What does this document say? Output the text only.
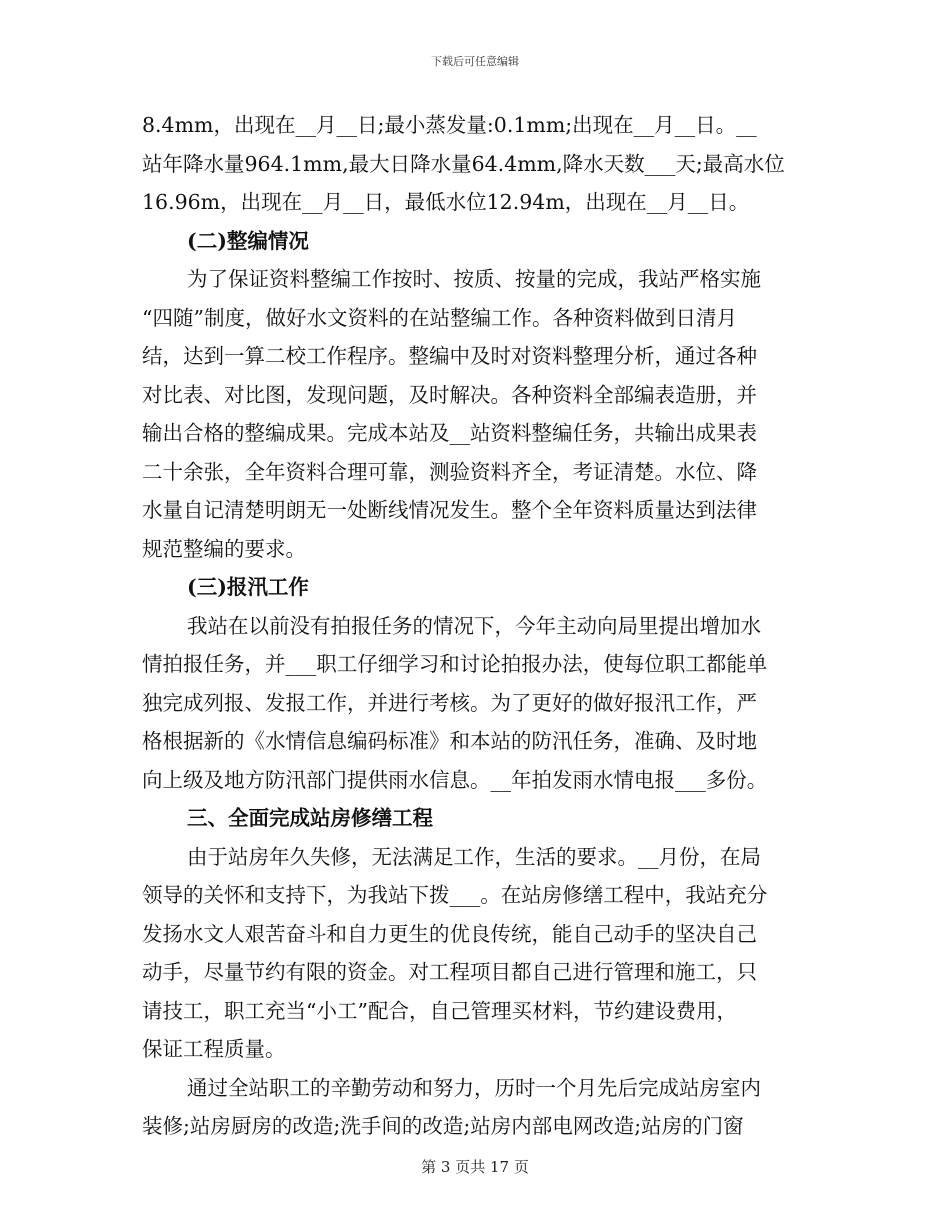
下载后可任意编辑
8.4mm，出现在__月__日;最小蒸发量:0.1mm;出现在__月__日。__
站年降水量964.1mm,最大日降水量64.4mm,降水天数___天;最高水位
16.96m，出现在__月__日，最低水位12.94m，出现在__月__日。
(二)整编情况
为了保证资料整编工作按时、按质、按量的完成，我站严格实施
“四随”制度，做好水文资料的在站整编工作。各种资料做到日清月
结，达到一算二校工作程序。整编中及时对资料整理分析，通过各种
对比表、对比图，发现问题，及时解决。各种资料全部编表造册，并
输出合格的整编成果。完成本站及__站资料整编任务，共输出成果表
二十余张，全年资料合理可靠，测验资料齐全，考证清楚。水位、降
水量自记清楚明朗无一处断线情况发生。整个全年资料质量达到法律
规范整编的要求。
(三)报汛工作
我站在以前没有拍报任务的情况下，今年主动向局里提出增加水
情拍报任务，并___职工仔细学习和讨论拍报办法，使每位职工都能单
独完成列报、发报工作，并进行考核。为了更好的做好报汛工作，严
格根据新的《水情信息编码标准》和本站的防汛任务，准确、及时地
向上级及地方防汛部门提供雨水信息。__年拍发雨水情电报___多份。
三、全面完成站房修缮工程
由于站房年久失修，无法满足工作，生活的要求。__月份，在局
领导的关怀和支持下，为我站下拨___。在站房修缮工程中，我站充分
发扬水文人艰苦奋斗和自力更生的优良传统，能自己动手的坚决自己
动手，尽量节约有限的资金。对工程项目都自己进行管理和施工，只
请技工，职工充当“小工”配合，自己管理买材料，节约建设费用，
保证工程质量。
通过全站职工的辛勤劳动和努力，历时一个月先后完成站房室内
装修;站房厨房的改造;洗手间的改造;站房内部电网改造;站房的门窗
第 3 页共 17 页
